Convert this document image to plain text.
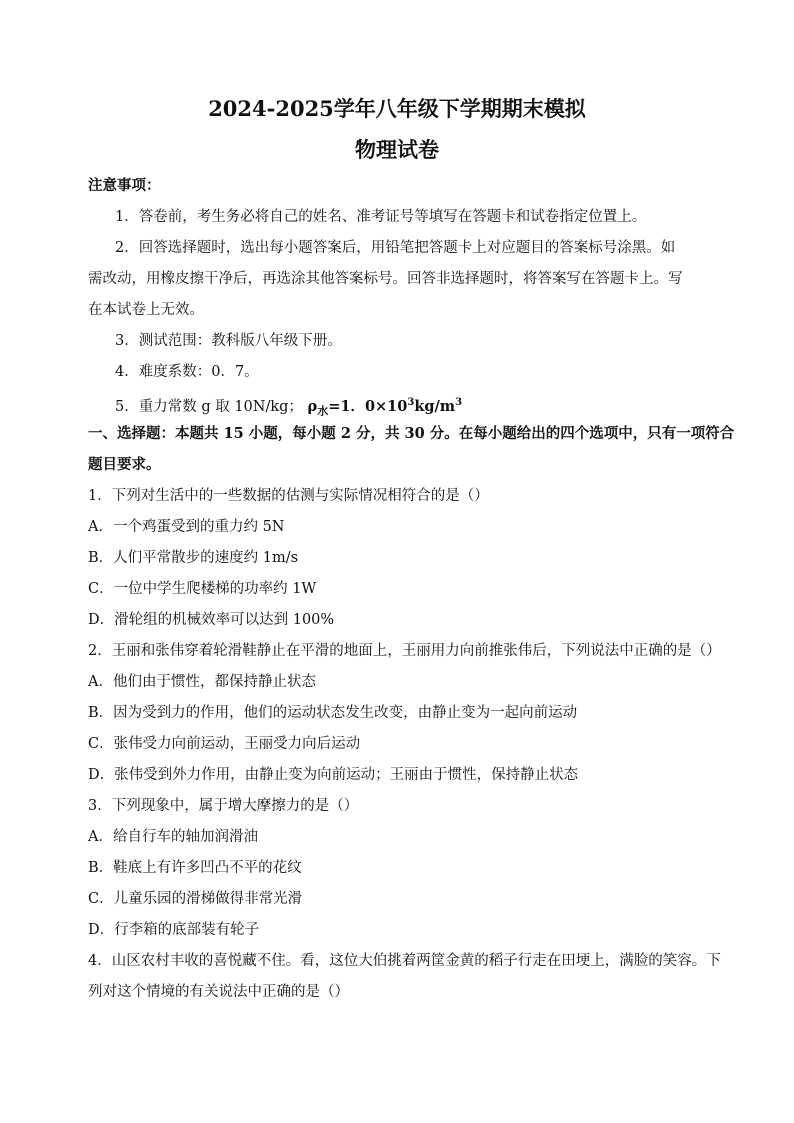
2024-2025学年八年级下学期期末模拟
物理试卷
注意事项：
1．答卷前，考生务必将自己的姓名、准考证号等填写在答题卡和试卷指定位置上。
2．回答选择题时，选出每小题答案后，用铅笔把答题卡上对应题目的答案标号涂黑。如
需改动，用橡皮擦干净后，再选涂其他答案标号。回答非选择题时，将答案写在答题卡上。写
在本试卷上无效。
3．测试范围：教科版八年级下册。
4．难度系数：0．7。
5．重力常数 g 取 10N/kg； $\rho_水=1$．$0\times 10^3kg/m^3$
一、选择题：本题共 15 小题，每小题 2 分，共 30 分。在每小题给出的四个选项中，只有一项符合
题目要求。
1．下列对生活中的一些数据的估测与实际情况相符合的是（）
A．一个鸡蛋受到的重力约 5N
B．人们平常散步的速度约 1m/s
C．一位中学生爬楼梯的功率约 1W
D．滑轮组的机械效率可以达到 100%
2．王丽和张伟穿着轮滑鞋静止在平滑的地面上，王丽用力向前推张伟后，下列说法中正确的是（）
A．他们由于惯性，都保持静止状态
B．因为受到力的作用，他们的运动状态发生改变，由静止变为一起向前运动
C．张伟受力向前运动，王丽受力向后运动
D．张伟受到外力作用，由静止变为向前运动；王丽由于惯性，保持静止状态
3．下列现象中，属于增大摩擦力的是（）
A．给自行车的轴加润滑油
B．鞋底上有许多凹凸不平的花纹
C．儿童乐园的滑梯做得非常光滑
D．行李箱的底部装有轮子
4．山区农村丰收的喜悦藏不住。看，这位大伯挑着两筐金黄的稻子行走在田埂上，满脸的笑容。下
列对这个情境的有关说法中正确的是（）
